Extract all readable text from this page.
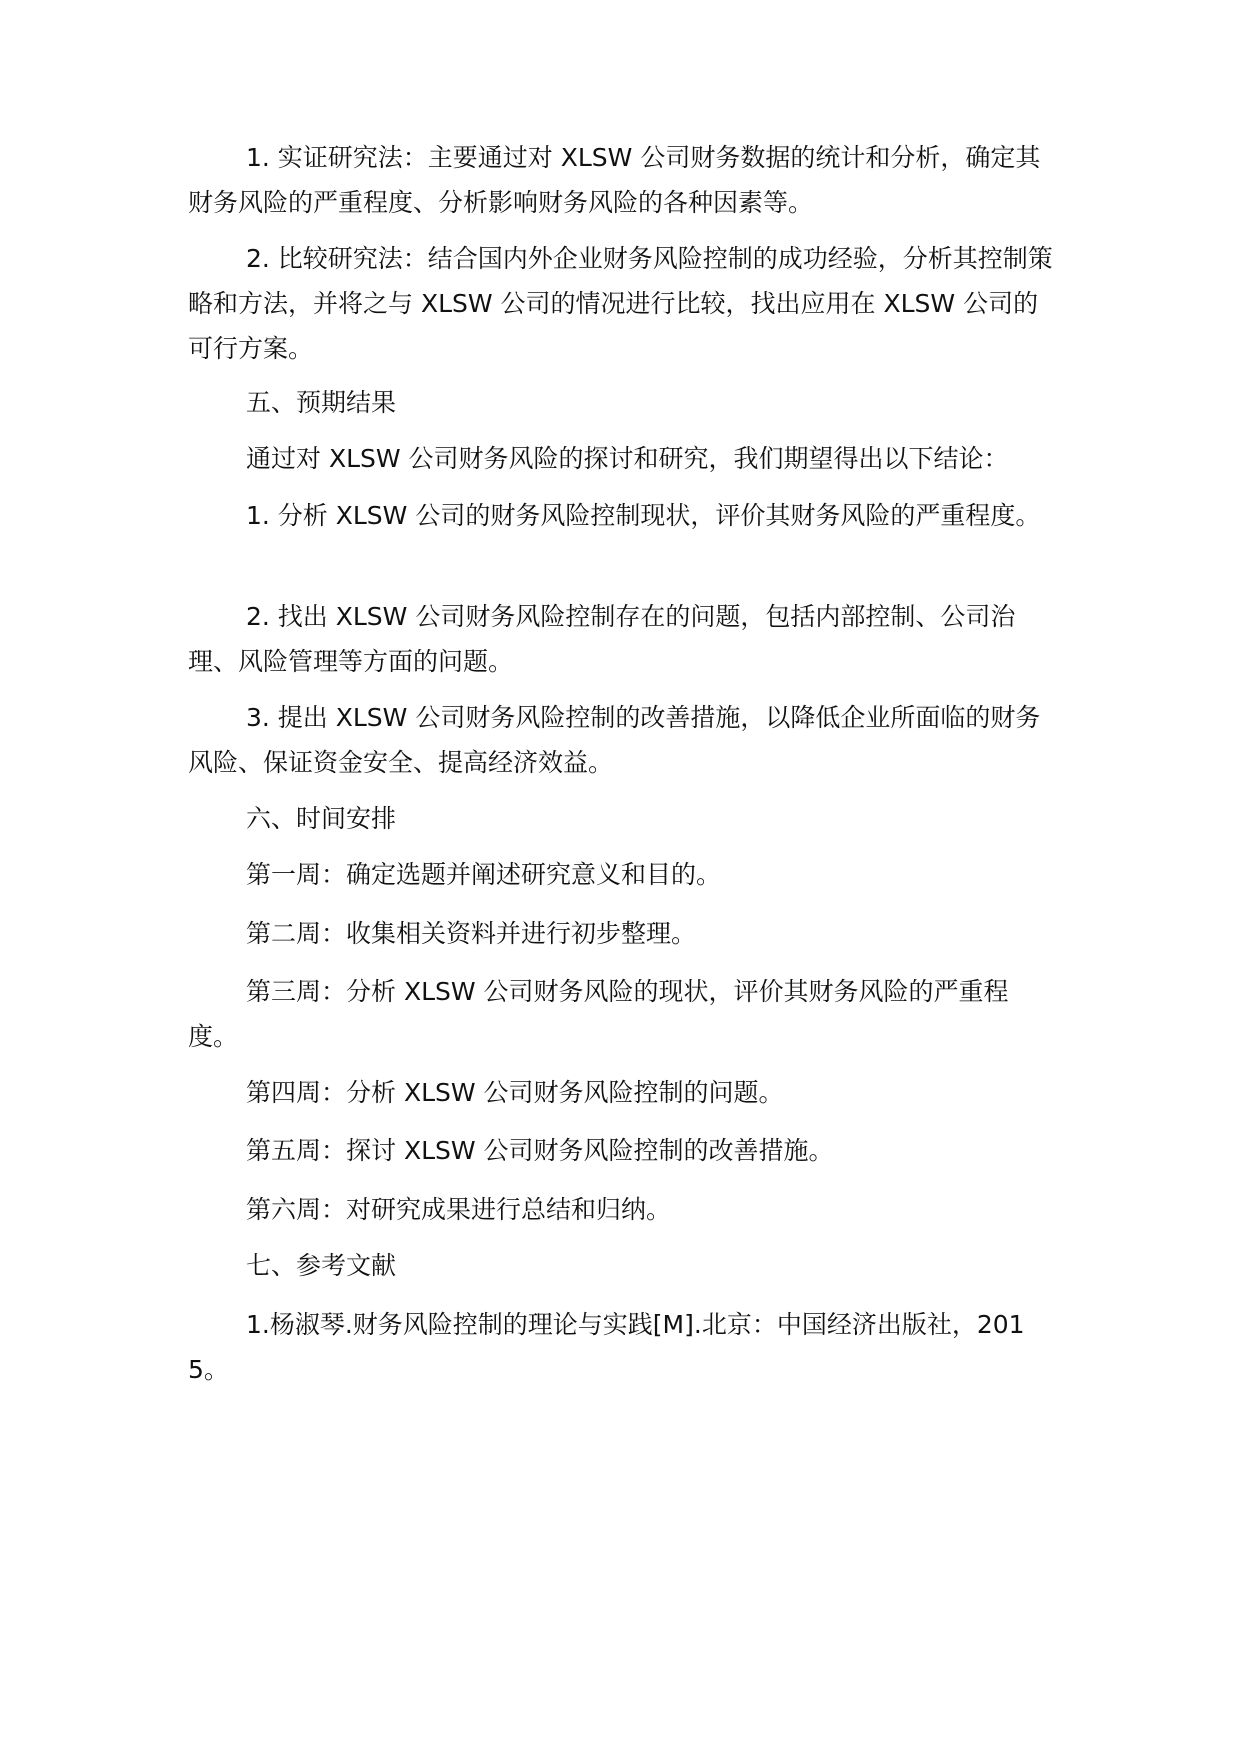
1. 实证研究法：主要通过对 XLSW 公司财务数据的统计和分析，确定其财务风险的严重程度、分析影响财务风险的各种因素等。

2. 比较研究法：结合国内外企业财务风险控制的成功经验，分析其控制策略和方法，并将之与 XLSW 公司的情况进行比较，找出应用在 XLSW 公司的可行方案。

五、预期结果

通过对 XLSW 公司财务风险的探讨和研究，我们期望得出以下结论：

1. 分析 XLSW 公司的财务风险控制现状，评价其财务风险的严重程度。

2. 找出 XLSW 公司财务风险控制存在的问题，包括内部控制、公司治理、风险管理等方面的问题。

3. 提出 XLSW 公司财务风险控制的改善措施，以降低企业所面临的财务风险、保证资金安全、提高经济效益。

六、时间安排

第一周：确定选题并阐述研究意义和目的。

第二周：收集相关资料并进行初步整理。

第三周：分析 XLSW 公司财务风险的现状，评价其财务风险的严重程度。

第四周：分析 XLSW 公司财务风险控制的问题。

第五周：探讨 XLSW 公司财务风险控制的改善措施。

第六周：对研究成果进行总结和归纳。

七、参考文献

1.杨淑琴.财务风险控制的理论与实践[M].北京：中国经济出版社，2015。
